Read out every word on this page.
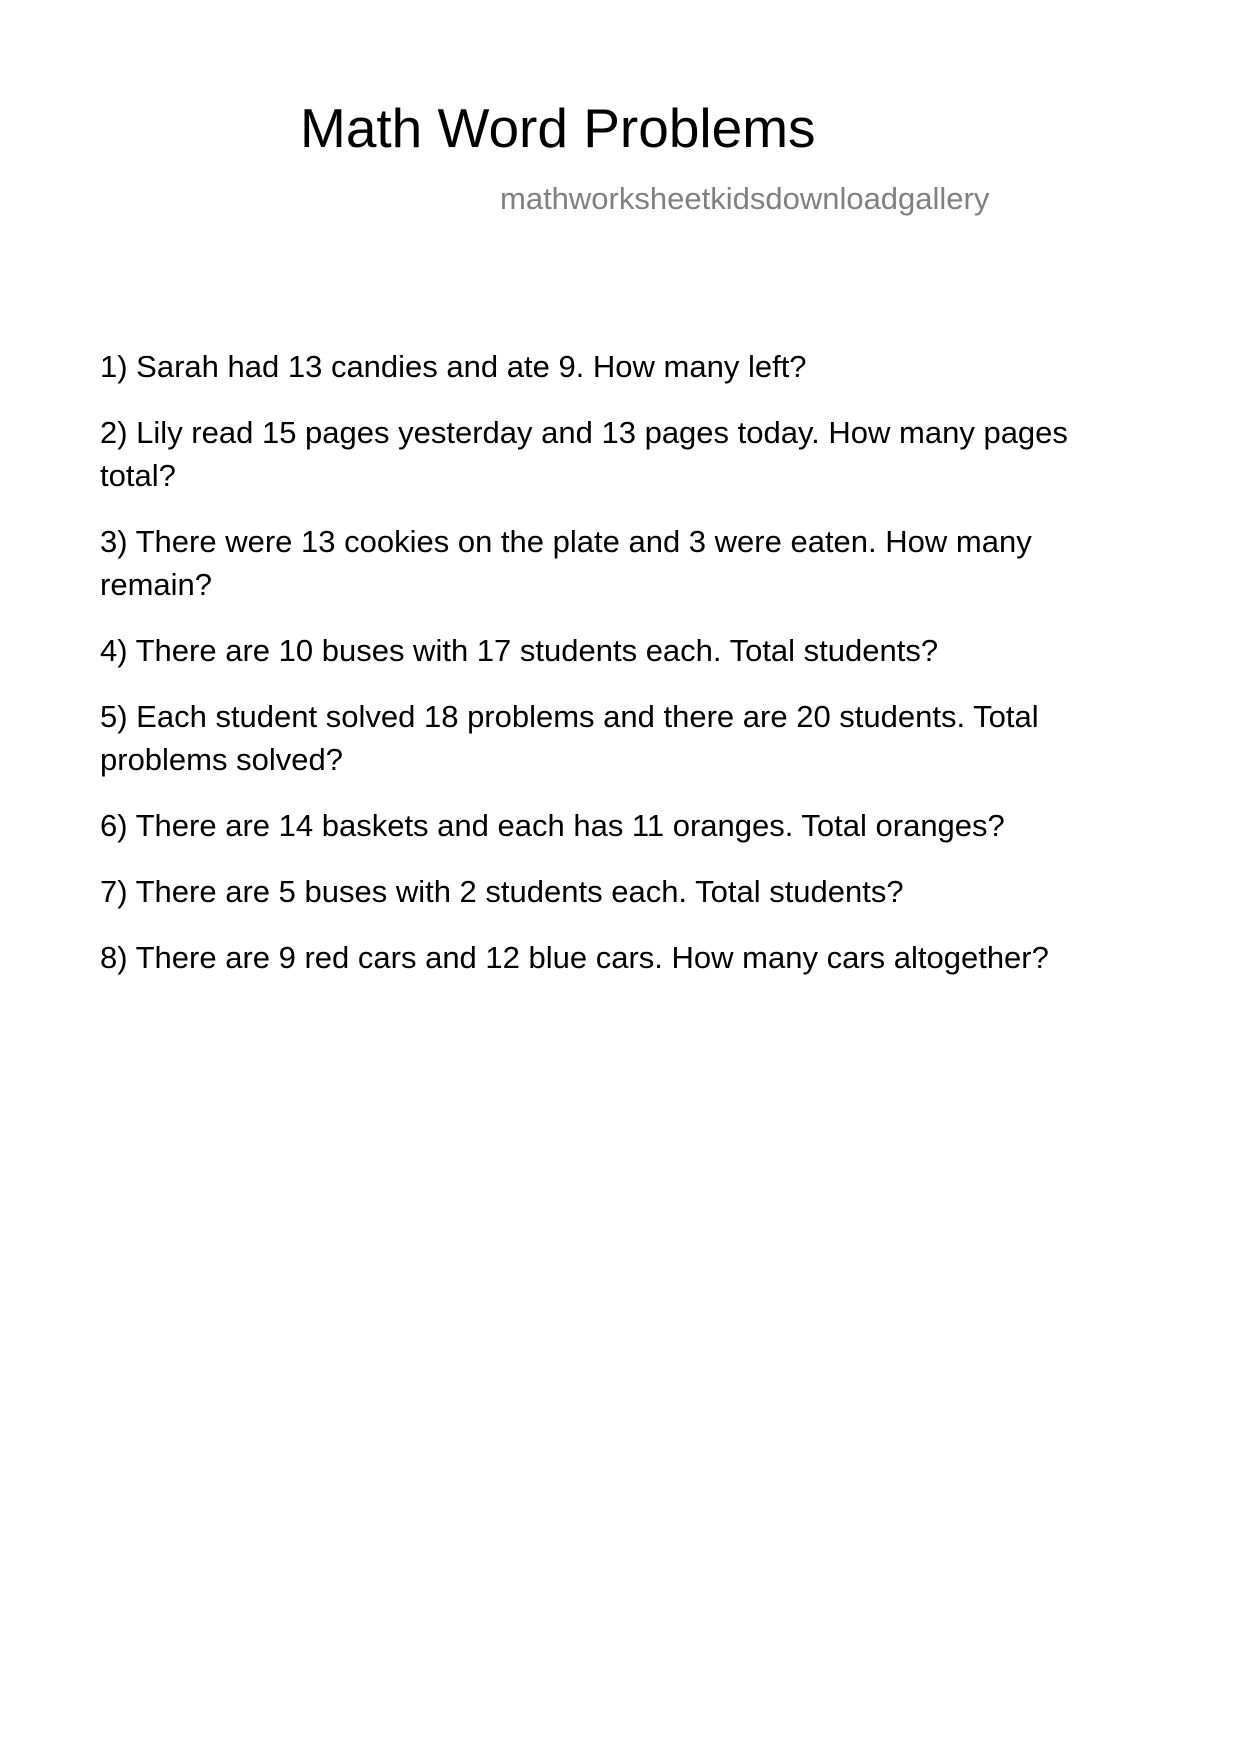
Math Word Problems
mathworksheetkidsdownloadgallery
1) Sarah had 13 candies and ate 9. How many left?
2) Lily read 15 pages yesterday and 13 pages today. How many pages total?
3) There were 13 cookies on the plate and 3 were eaten. How many remain?
4) There are 10 buses with 17 students each. Total students?
5) Each student solved 18 problems and there are 20 students. Total problems solved?
6) There are 14 baskets and each has 11 oranges. Total oranges?
7) There are 5 buses with 2 students each. Total students?
8) There are 9 red cars and 12 blue cars. How many cars altogether?
